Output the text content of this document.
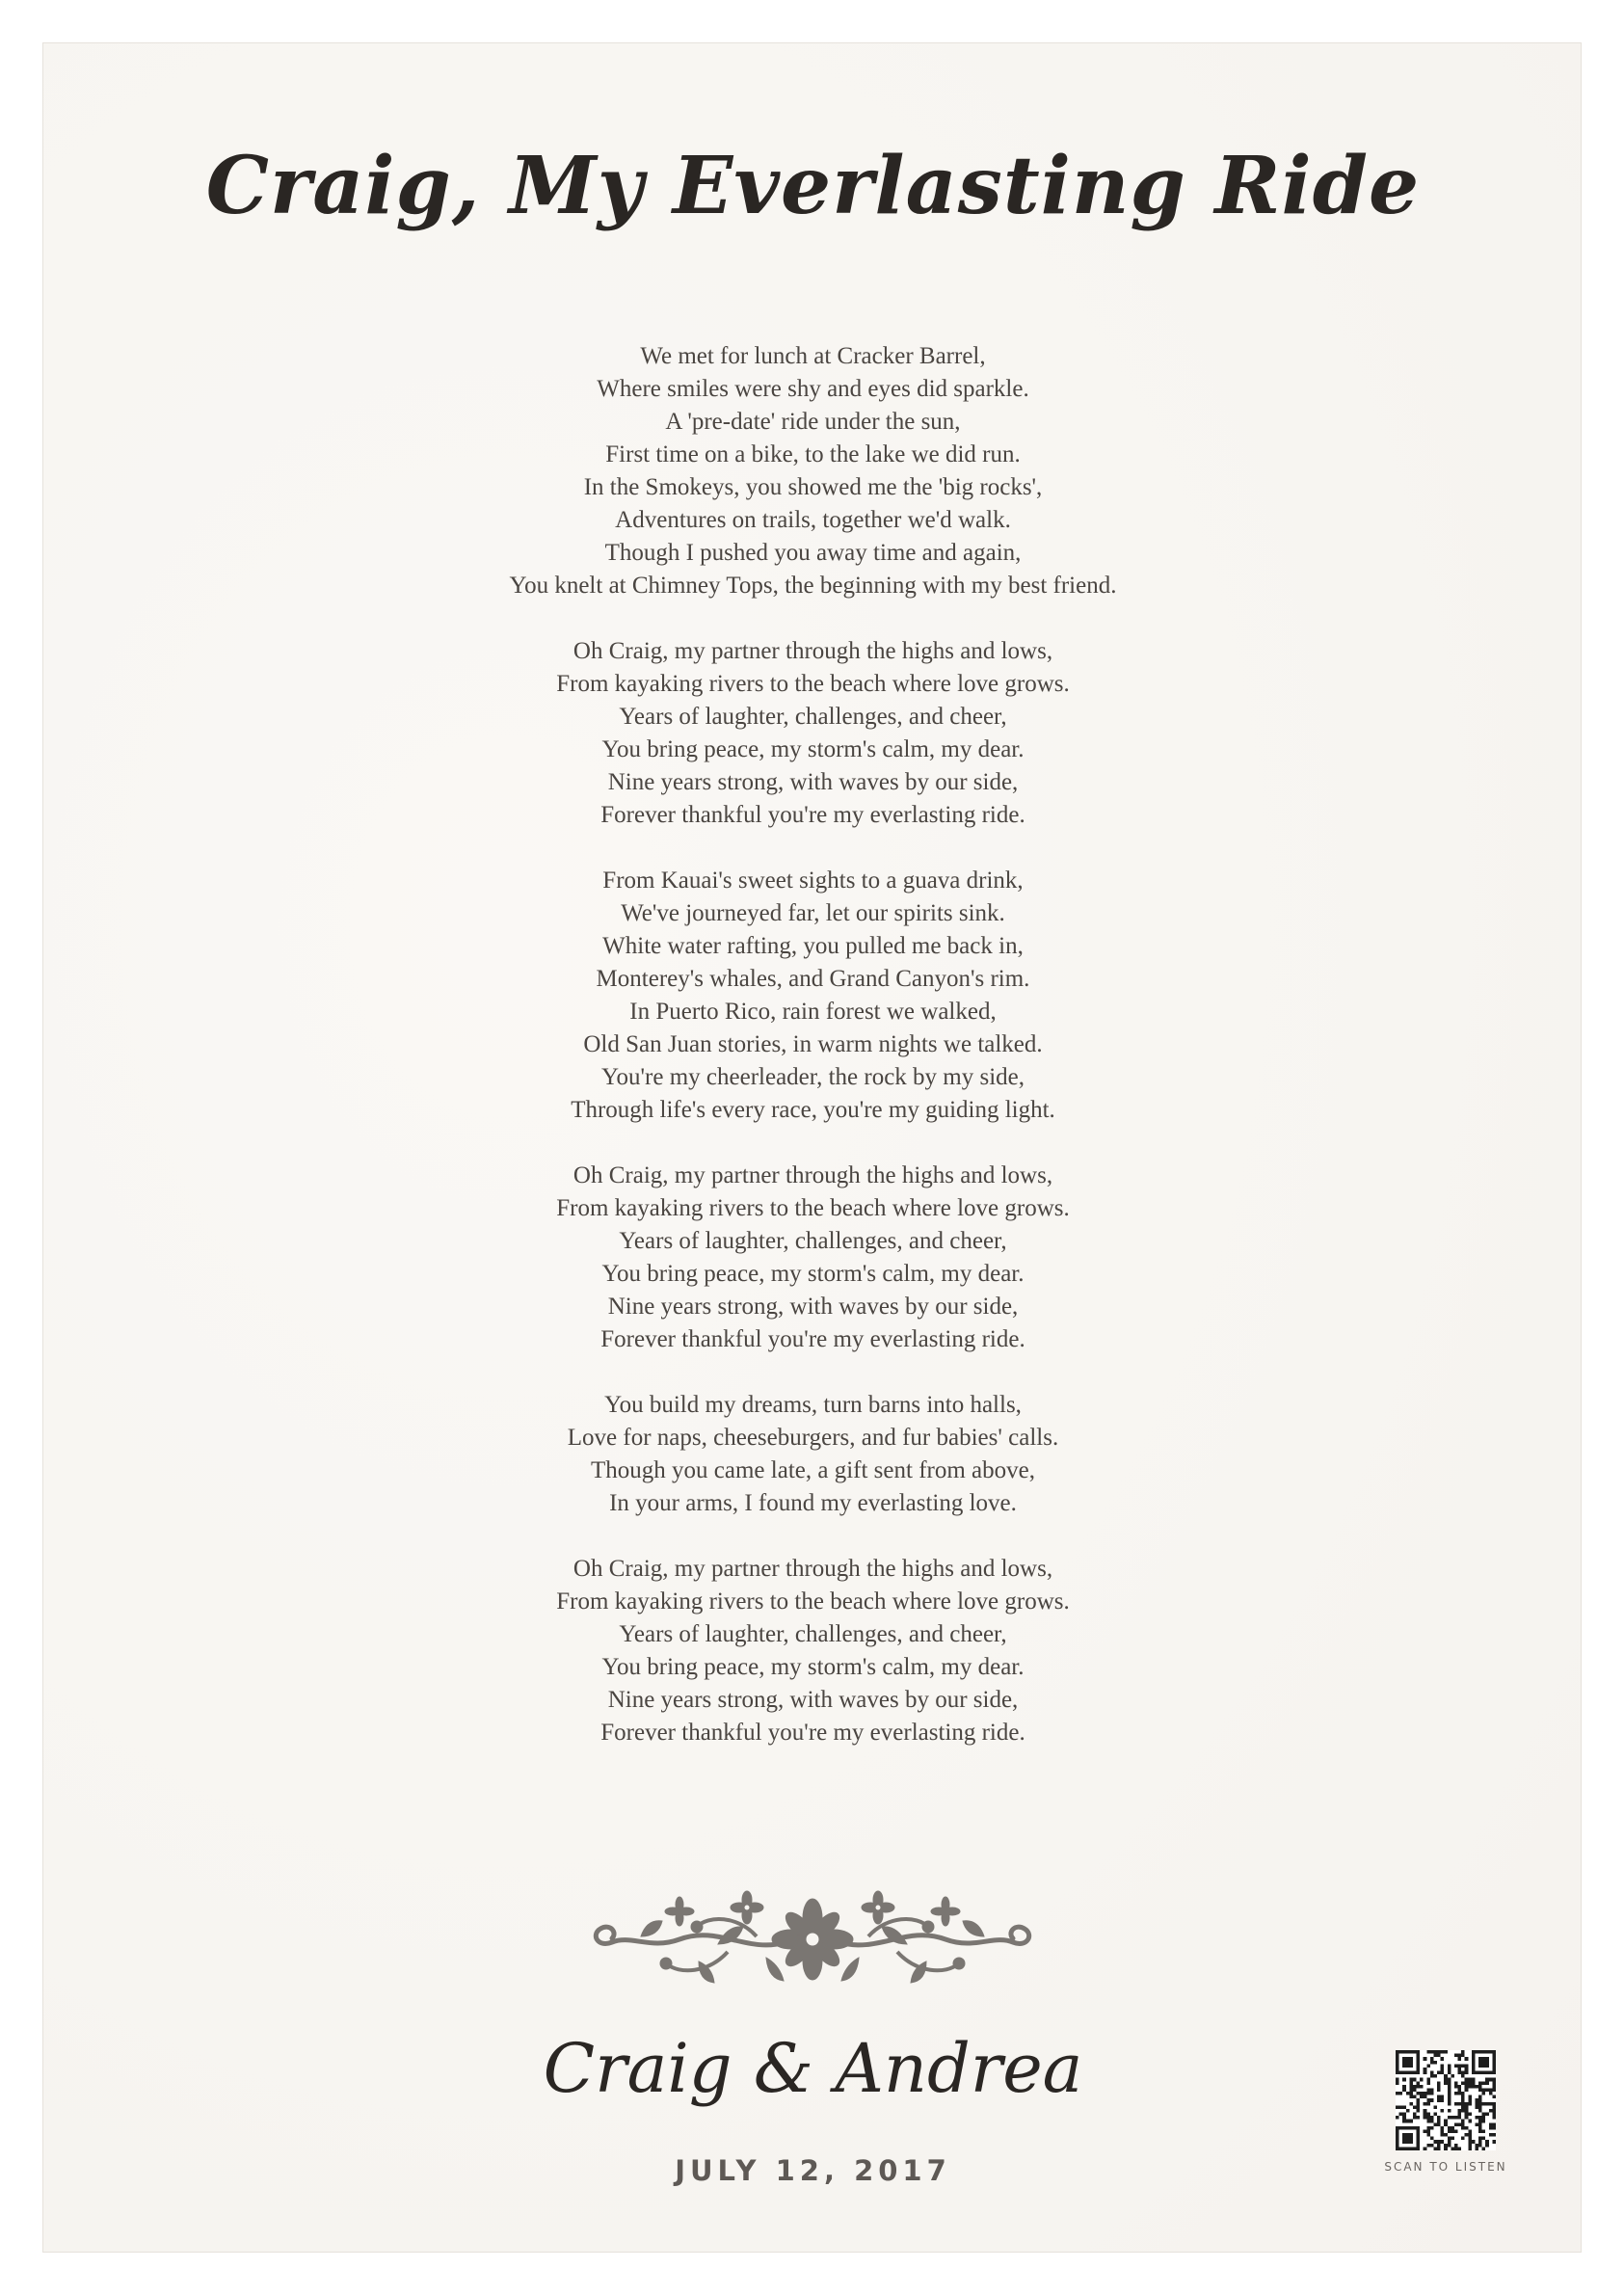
Craig, My Everlasting Ride
We met for lunch at Cracker Barrel,
Where smiles were shy and eyes did sparkle.
A 'pre-date' ride under the sun,
First time on a bike, to the lake we did run.
In the Smokeys, you showed me the 'big rocks',
Adventures on trails, together we'd walk.
Though I pushed you away time and again,
You knelt at Chimney Tops, the beginning with my best friend.
Oh Craig, my partner through the highs and lows,
From kayaking rivers to the beach where love grows.
Years of laughter, challenges, and cheer,
You bring peace, my storm's calm, my dear.
Nine years strong, with waves by our side,
Forever thankful you're my everlasting ride.
From Kauai's sweet sights to a guava drink,
We've journeyed far, let our spirits sink.
White water rafting, you pulled me back in,
Monterey's whales, and Grand Canyon's rim.
In Puerto Rico, rain forest we walked,
Old San Juan stories, in warm nights we talked.
You're my cheerleader, the rock by my side,
Through life's every race, you're my guiding light.
Oh Craig, my partner through the highs and lows,
From kayaking rivers to the beach where love grows.
Years of laughter, challenges, and cheer,
You bring peace, my storm's calm, my dear.
Nine years strong, with waves by our side,
Forever thankful you're my everlasting ride.
You build my dreams, turn barns into halls,
Love for naps, cheeseburgers, and fur babies' calls.
Though you came late, a gift sent from above,
In your arms, I found my everlasting love.
Oh Craig, my partner through the highs and lows,
From kayaking rivers to the beach where love grows.
Years of laughter, challenges, and cheer,
You bring peace, my storm's calm, my dear.
Nine years strong, with waves by our side,
Forever thankful you're my everlasting ride.
Craig & Andrea
JULY 12, 2017	SCAN TO LISTEN
